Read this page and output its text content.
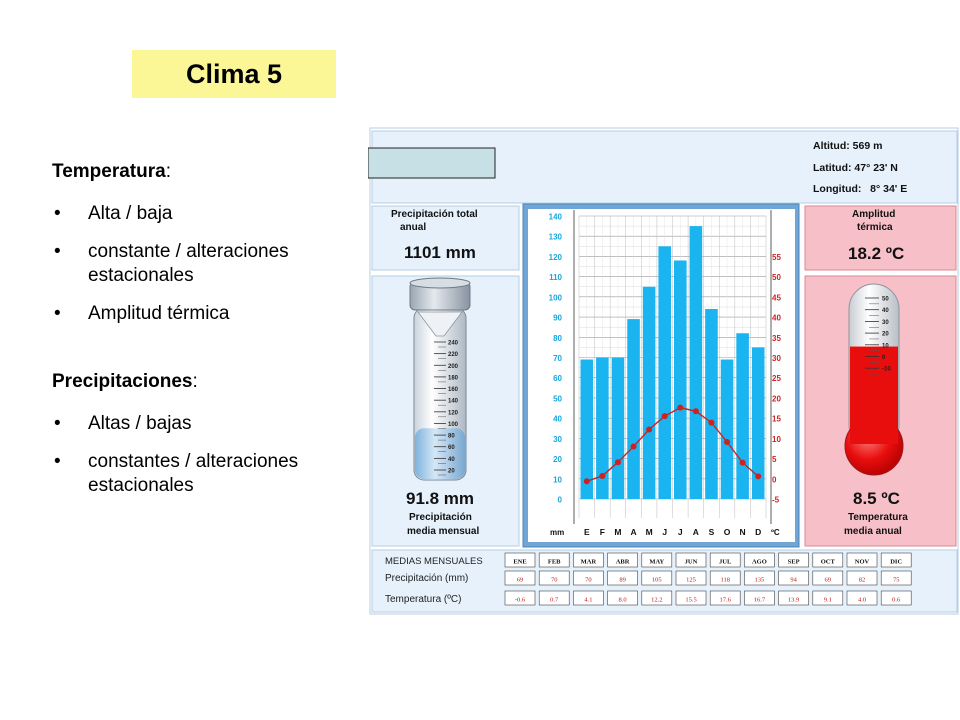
Clima 5

Temperatura:

• Alta / baja
• constante / alteraciones estacionales
• Amplitud térmica

Precipitaciones:

• Altas / bajas
• constantes / alteraciones estacionales
Altitud: 569 m
Latitud: 47° 23' N
Longitud:   8° 34' E
Precipitación total
anual
1101 mm
240
220
200
180
160
140
120
100
80
60
40
20
91.8 mm
Precipitación
media mensual
140
130
120
110
100
90
80
70
60
50
40
30
20
10
0
55
50
45
40
35
30
25
20
15
10
5
0
-5
E F M A M J J A S O N D
mm	ºC
Amplitud
térmica
18.2 ºC
50
40
30
20
10
0
-10
8.5 ºC
Temperatura
media anual
MEDIAS MENSUALES
Precipitación (mm)
Temperatura (ºC)
ENE
69
-0.6
FEB
70
0.7
MAR
70
4.1
ABR
89
8.0
MAY
105
12.2
JUN
125
15.5
JUL
118
17.6
AGO
135
16.7
SEP
94
13.9
OCT
69
9.1
NOV
82
4.0
DIC
75
0.6
